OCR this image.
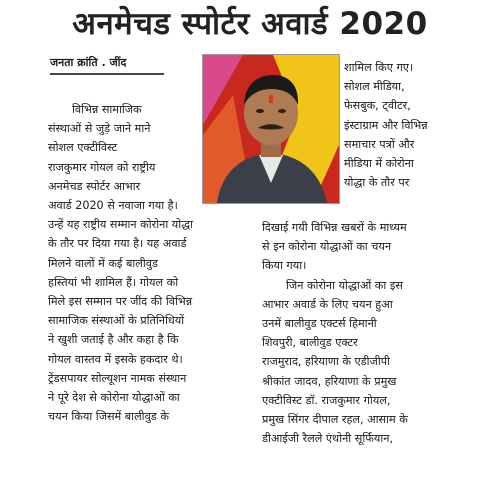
अनमेचड स्पोर्टर अवार्ड 2020
जनता क्रांति . जींद
विभिन्न सामाजिक
संस्थाओं से जुड़े जाने माने
सोशल एक्टीविस्ट
राजकुमार गोयल को राष्ट्रीय
अनमेचड स्पोर्टर आभार
अवार्ड 2020 से नवाजा गया है।
उन्हें यह राष्ट्रीय सम्मान कोरोना योद्धा
के तौर पर दिया गया है। यह अवार्ड
मिलने वालों में कई बालीवुड
हस्तियां भी शामिल हैं। गोयल को
मिले इस सम्मान पर जींद की विभिन्न
सामाजिक संस्थाओं के प्रतिनिधियों
ने खुशी जताई है और कहा है कि
गोयल वास्तव में इसके हकदार थे।
ट्रेंडसपायर सोल्यूशन नामक संस्थान
ने पूरे देश से कोरोना योद्धाओं का
चयन किया जिसमें बालीवुड के
शामिल किए गए।
सोशल मीडिया,
फेसबुक, ट्वीटर,
इंस्टाग्राम और विभिन्न
समाचार पत्रों और
मीडिया में कोरोना
योद्धा के तौर पर
दिखाई गयी विभिन्न खबरों के माध्यम
से इन कोरोना योद्धाओं का चयन
किया गया।
जिन कोरोना योद्धाओं का इस
आभार अवार्ड के लिए चयन हुआ
उनमें बालीवुड एक्टर्स हिमानी
शिवपुरी, बालीवुड एक्टर
राजमुराद, हरियाणा के एडीजीपी
श्रीकांत जादव, हरियाणा के प्रमुख
एक्टीविस्ट डॉ. राजकुमार गोयल,
प्रमुख सिंगर दीपाल रहल, आसाम के
डीआईजी रैलले एंथोनी सूर्फियान,
